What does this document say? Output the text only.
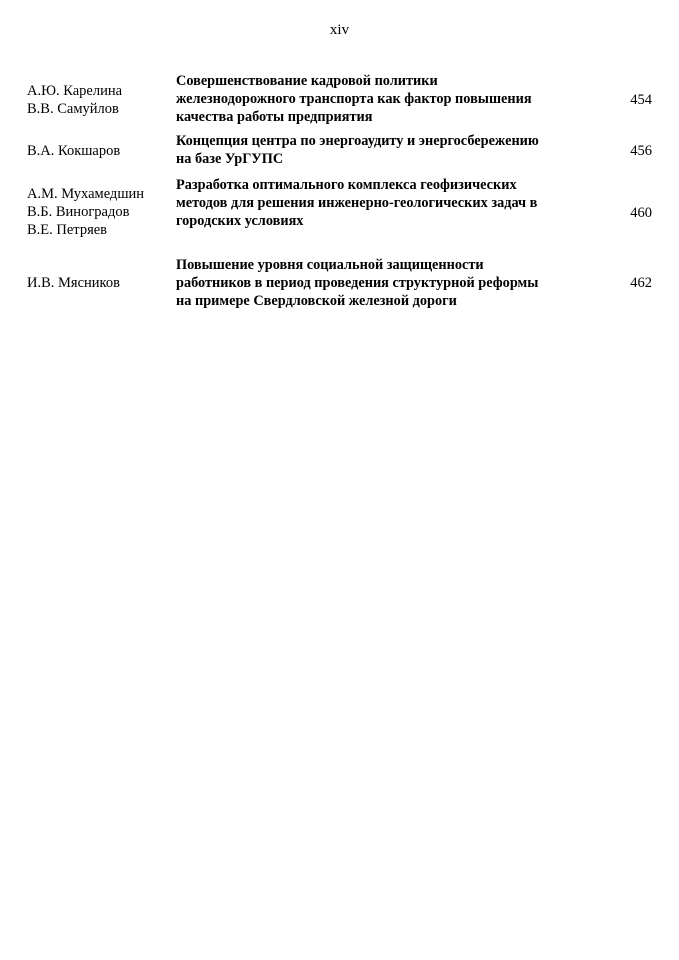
xiv
А.Ю. Карелина
В.В. Самуйлов
Совершенствование кадровой политики
железнодорожного транспорта как фактор повышения
качества работы предприятия
454
В.А. Кокшаров
Концепция центра по энергоаудиту и энергосбережению
на базе УрГУПС	456
А.М. Мухамедшин
В.Б. Виноградов
В.Е. Петряев
Разработка оптимального комплекса геофизических
методов для решения инженерно-геологических задач в
городских условиях	460
И.В. Мясников
Повышение уровня социальной защищенности
работников в период проведения структурной реформы
на примере Свердловской железной дороги
462
